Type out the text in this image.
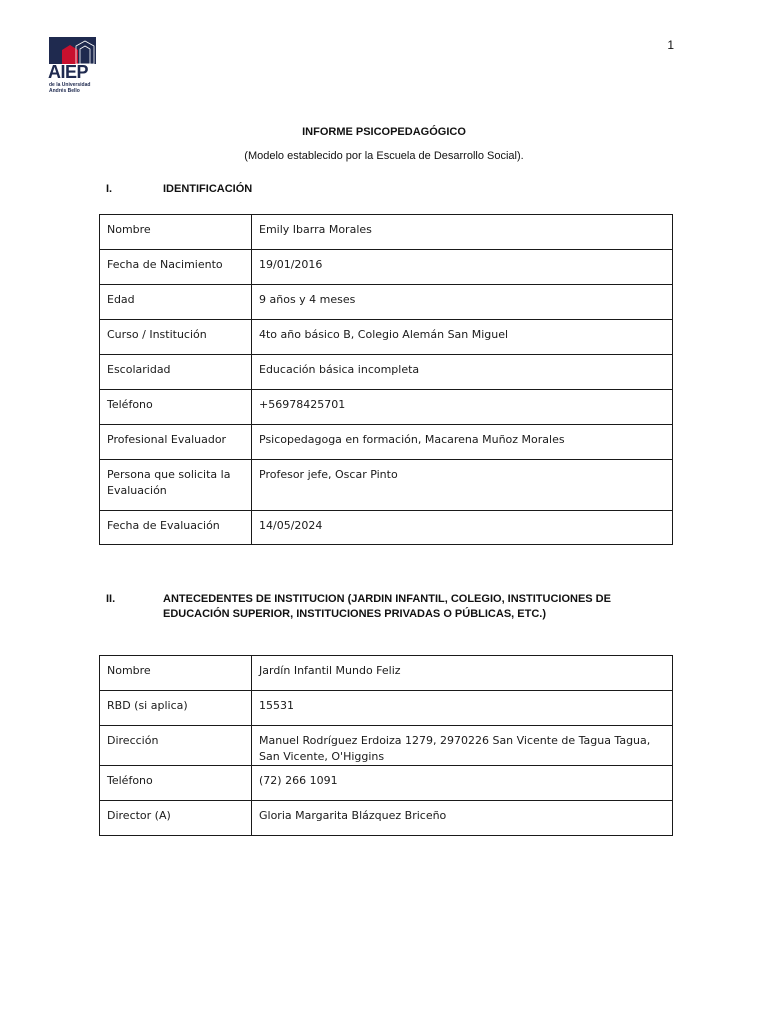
1
AIEP
de la Universidad
Andrés Bello
INFORME PSICOPEDAGÓGICO
(Modelo establecido por la Escuela de Desarrollo Social).
I.	IDENTIFICACIÓN
Nombre	Emily Ibarra Morales
Fecha de Nacimiento	19/01/2016
Edad	9 años y 4 meses
Curso / Institución	4to año básico B, Colegio Alemán San Miguel
Escolaridad	Educación básica incompleta
Teléfono	+56978425701
Profesional Evaluador	Psicopedagoga en formación, Macarena Muñoz Morales
Persona que solicita la Evaluación	Profesor jefe, Oscar Pinto
Fecha de Evaluación	14/05/2024
II.	ANTECEDENTES DE INSTITUCION (JARDIN INFANTIL, COLEGIO, INSTITUCIONES DE EDUCACIÓN SUPERIOR, INSTITUCIONES PRIVADAS O PÚBLICAS, ETC.)
Nombre	Jardín Infantil Mundo Feliz
RBD (si aplica)	15531
Dirección	Manuel Rodríguez Erdoiza 1279, 2970226 San Vicente de Tagua Tagua, San Vicente, O'Higgins
Teléfono	(72) 266 1091
Director (A)	Gloria Margarita Blázquez Briceño
